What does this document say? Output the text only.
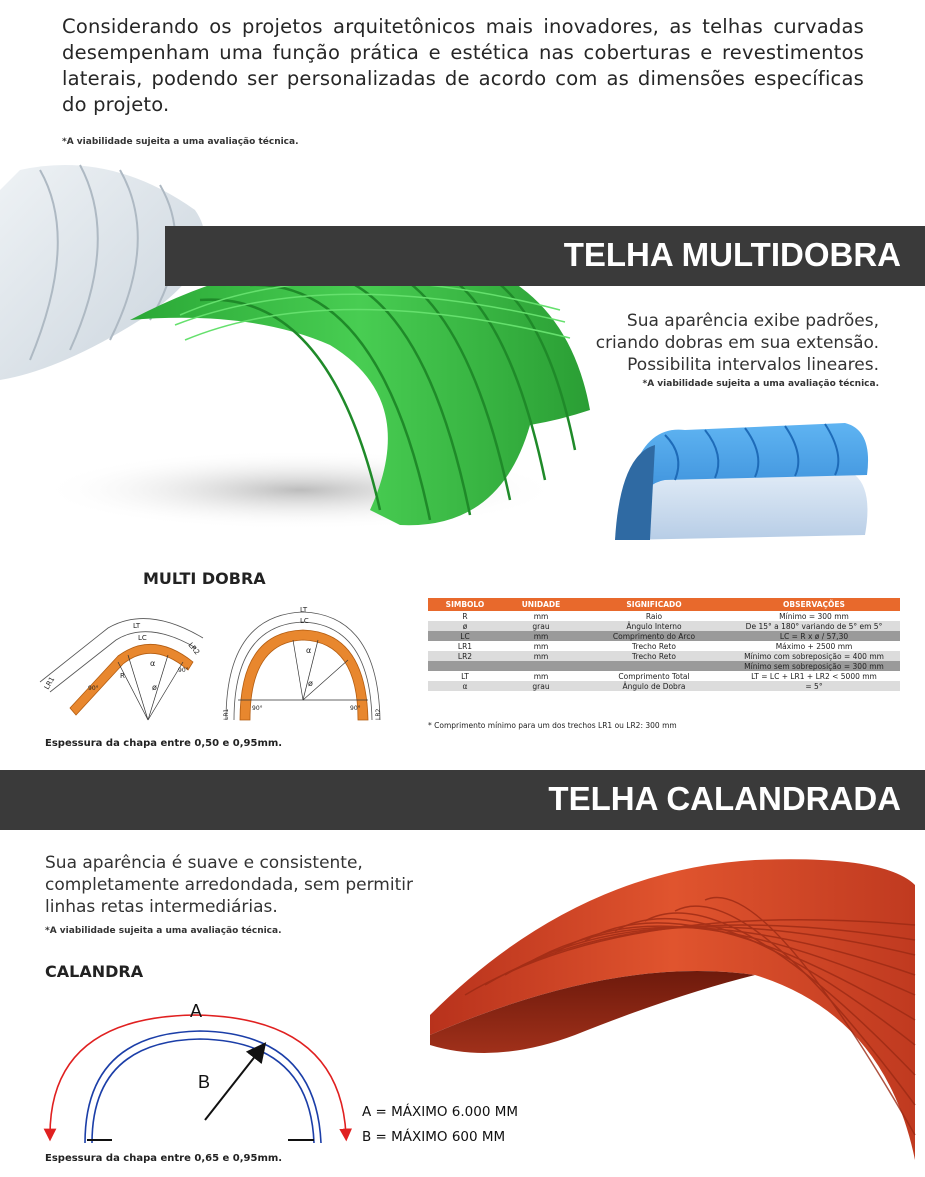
Considerando os projetos arquitetônicos mais inovadores, as telhas curvadas desempenham uma função prática e estética nas coberturas e revestimentos laterais, podendo ser personalizadas de acordo com as dimensões específicas do projeto.
*A viabilidade sujeita a uma avaliação técnica.
TELHA MULTIDOBRA
Sua aparência exibe padrões,
criando dobras em sua extensão.
Possibilita intervalos lineares.
*A viabilidade sujeita a uma avaliação técnica.
MULTI DOBRA
LT
LC
LR1
LR2
α
ø
R
90°
90°
LT
LC
α
ø
90°	90°
LR1	LR2
Espessura da chapa entre 0,50 e 0,95mm.
SIMBOLO	UNIDADE	SIGNIFICADO	OBSERVAÇÕES
R	mm	Raio	Mínimo = 300 mm
ø	grau	Ângulo Interno	De 15° a 180° variando de 5° em 5°
LC	mm	Comprimento do Arco	LC = R x ø / 57,30
LR1	mm	Trecho Reto	Máximo + 2500 mm
LR2	mm	Trecho Reto	Mínimo com sobreposição = 400 mm
			Mínimo sem sobreposição = 300 mm
LT	mm	Comprimento Total	LT = LC + LR1 + LR2 < 5000 mm
α	grau	Ângulo de Dobra	= 5°
* Comprimento mínimo para um dos trechos LR1 ou LR2: 300 mm
TELHA CALANDRADA
Sua aparência é suave e consistente,
completamente arredondada, sem permitir
linhas retas intermediárias.
*A viabilidade sujeita a uma avaliação técnica.
CALANDRA
A
B
A = MÁXIMO 6.000 MM
B = MÁXIMO 600 MM
Espessura da chapa entre 0,65 e 0,95mm.
